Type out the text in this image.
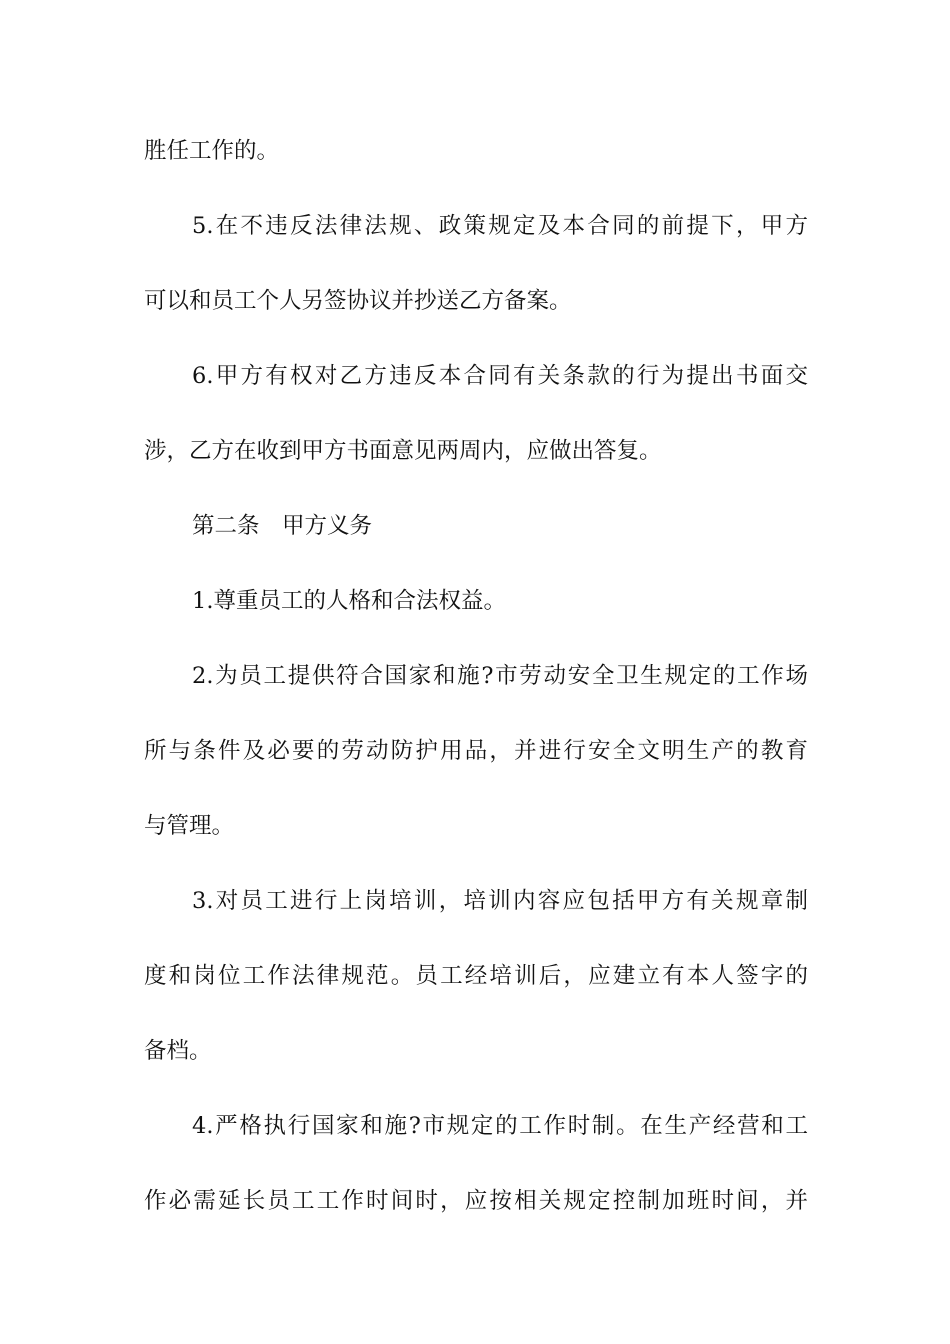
胜任工作的。
5.在不违反法律法规、政策规定及本合同的前提下，甲方
可以和员工个人另签协议并抄送乙方备案。
6.甲方有权对乙方违反本合同有关条款的行为提出书面交
涉，乙方在收到甲方书面意见两周内，应做出答复。
第二条　甲方义务
1.尊重员工的人格和合法权益。
2.为员工提供符合国家和施?市劳动安全卫生规定的工作场
所与条件及必要的劳动防护用品，并进行安全文明生产的教育
与管理。
3.对员工进行上岗培训，培训内容应包括甲方有关规章制
度和岗位工作法律规范。员工经培训后，应建立有本人签字的
备档。
4.严格执行国家和施?市规定的工作时制。在生产经营和工
作必需延长员工工作时间时，应按相关规定控制加班时间，并
